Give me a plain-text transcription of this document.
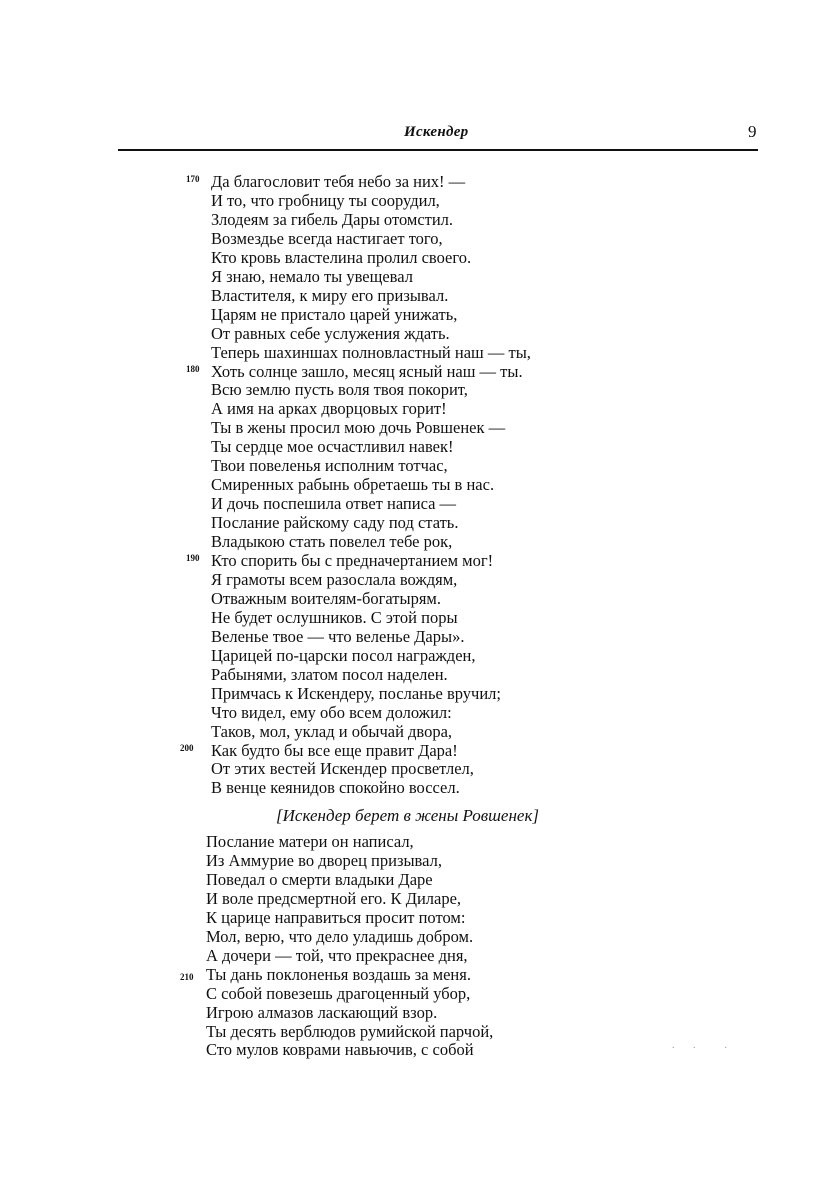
Искендер	9
Да благословит тебя небо за них! —
И то, что гробницу ты соорудил,
Злодеям за гибель Дары отомстил.
Возмездье всегда настигает того,
Кто кровь властелина пролил своего.
Я знаю, немало ты увещевал
Властителя, к миру его призывал.
Царям не пристало царей унижать,
От равных себе услужения ждать.
Теперь шахиншах полновластный наш — ты,
Хоть солнце зашло, месяц ясный наш — ты.
Всю землю пусть воля твоя покорит,
А имя на арках дворцовых горит!
Ты в жены просил мою дочь Ровшенек —
Ты сердце мое осчастливил навек!
Твои повеленья исполним тотчас,
Смиренных рабынь обретаешь ты в нас.
И дочь поспешила ответ написа —
Послание райскому саду под стать.
Владыкою стать повелел тебе рок,
Кто спорить бы с предначертанием мог!
Я грамоты всем разослала вождям,
Отважным воителям-богатырям.
Не будет ослушников. С этой поры
Веленье твое — что веленье Дары».
Царицей по-царски посол награжден,
Рабынями, златом посол наделен.
Примчась к Искендеру, посланье вручил;
Что видел, ему обо всем доложил:
Таков, мол, уклад и обычай двора,
Как будто бы все еще правит Дара!
От этих вестей Искендер просветлел,
В венце кеянидов спокойно воссел.
Послание матери он написал,
Из Аммурие во дворец призывал,
Поведал о смерти владыки Даре
И воле предсмертной его. К Диларе,
К царице направиться просит потом:
Мол, верю, что дело уладишь добром.
А дочери — той, что прекраснее дня,
Ты дань поклоненья воздашь за меня.
С собой повезешь драгоценный убор,
Игрою алмазов ласкающий взор.
Ты десять верблюдов румийской парчой,
Сто мулов коврами навьючив, с собой
170
180
190
200
210
[Искендер берет в жены Ровшенек]
. .  .
